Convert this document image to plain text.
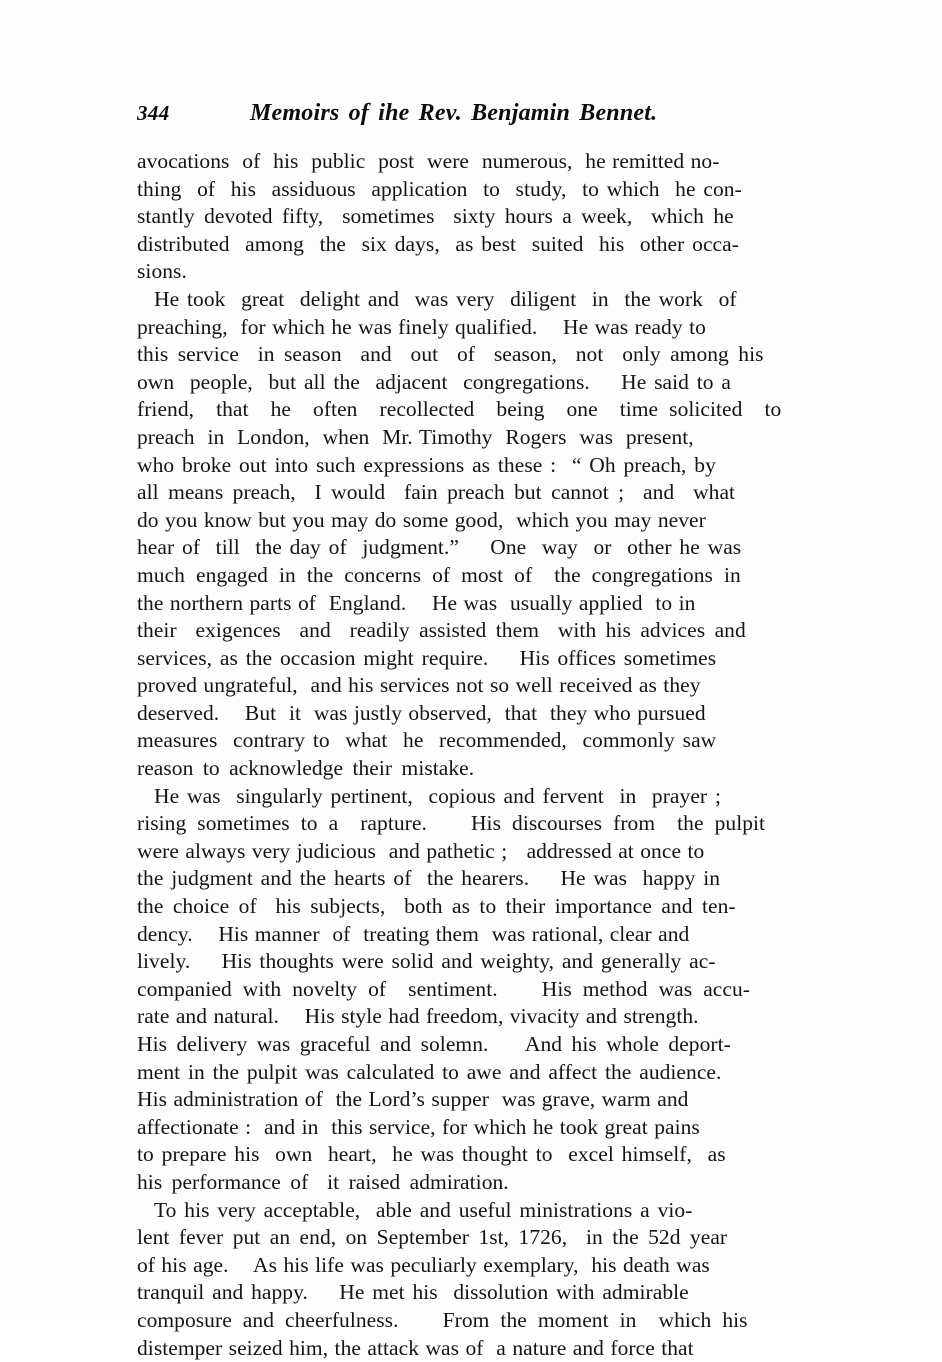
344	Memoirs of ihe Rev. Benjamin Bennet.

avocations  of  his  public  post  were  numerous,  he remitted no-
thing  of  his  assiduous  application  to  study,  to which  he con-
stantly devoted fifty,  sometimes  sixty hours a week,  which he
distributed  among  the  six days,  as best  suited  his  other occa-
sions.

He took  great  delight and  was very  diligent  in  the work  of
preaching,  for which he was finely qualified.    He was ready to
this service  in season  and  out  of  season,  not  only among his
own  people,  but all the  adjacent  congregations.    He said to a
friend,  that  he  often  recollected  being  one  time solicited  to
preach  in  London,  when  Mr. Timothy  Rogers  was  present,
who broke out into such expressions as these :  “ Oh preach, by
all means preach,  I would  fain preach but cannot ;  and  what
do you know but you may do some good,  which you may never
hear of  till  the day of  judgment.”    One  way  or  other he was
much engaged in the concerns of most of  the congregations in
the northern parts of  England.    He was  usually applied  to in
their  exigences  and  readily assisted them  with his advices and
services, as the occasion might require.    His offices sometimes
proved ungrateful,  and his services not so well received as they
deserved.    But  it  was justly observed,  that  they who pursued
measures  contrary to  what  he  recommended,  commonly saw
reason to acknowledge their mistake.

He was  singularly pertinent,  copious and fervent  in  prayer ;
rising sometimes to a  rapture.    His discourses from  the pulpit
were always very judicious  and pathetic ;   addressed at once to
the judgment and the hearts of  the hearers.    He was  happy in
the choice of  his subjects,  both as to their importance and ten-
dency.    His manner  of  treating them  was rational, clear and
lively.    His thoughts were solid and weighty, and generally ac-
companied with novelty of  sentiment.    His method was accu-
rate and natural.    His style had freedom, vivacity and strength.
His delivery was graceful and solemn.    And his whole deport-
ment in the pulpit was calculated to awe and affect the audience.
His administration of  the Lord’s supper  was grave, warm and
affectionate :  and in  this service, for which he took great pains
to prepare his  own  heart,  he was thought to  excel himself,  as
his performance of  it raised admiration.

To his very acceptable,  able and useful ministrations a vio-
lent fever put an end, on September 1st, 1726,  in the 52d year
of his age.    As his life was peculiarly exemplary,  his death was
tranquil and happy.    He met his  dissolution with admirable
composure and cheerfulness.    From the moment in  which his
distemper seized him, the attack was of  a nature and force that
